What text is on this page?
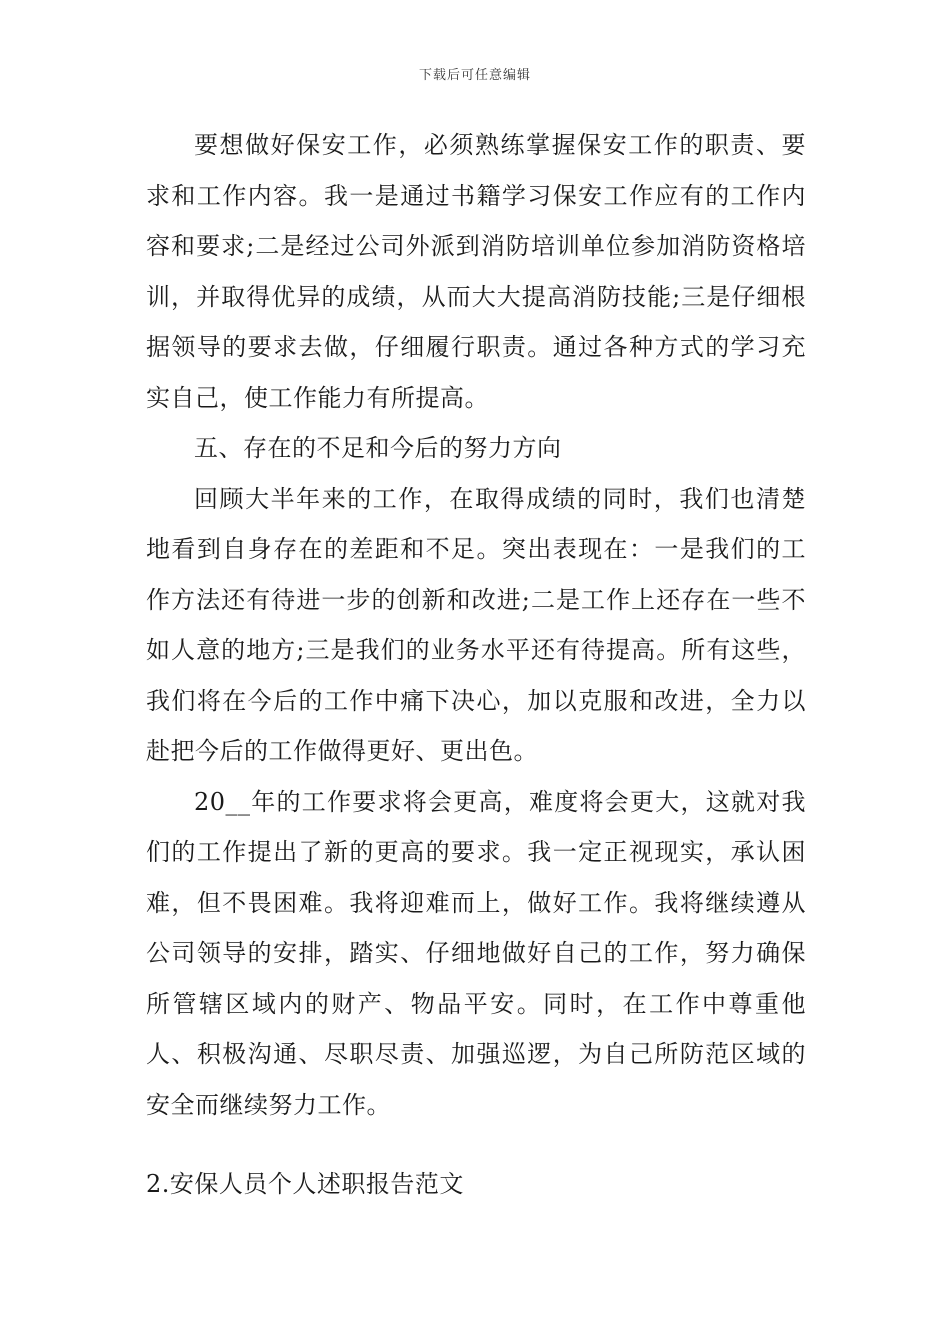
下载后可任意编辑

要想做好保安工作，必须熟练掌握保安工作的职责、要求和工作内容。我一是通过书籍学习保安工作应有的工作内容和要求;二是经过公司外派到消防培训单位参加消防资格培训，并取得优异的成绩，从而大大提高消防技能;三是仔细根据领导的要求去做，仔细履行职责。通过各种方式的学习充实自己，使工作能力有所提高。

五、存在的不足和今后的努力方向

回顾大半年来的工作，在取得成绩的同时，我们也清楚地看到自身存在的差距和不足。突出表现在：一是我们的工作方法还有待进一步的创新和改进;二是工作上还存在一些不如人意的地方;三是我们的业务水平还有待提高。所有这些，我们将在今后的工作中痛下决心，加以克服和改进，全力以赴把今后的工作做得更好、更出色。

20__年的工作要求将会更高，难度将会更大，这就对我们的工作提出了新的更高的要求。我一定正视现实，承认困难，但不畏困难。我将迎难而上，做好工作。我将继续遵从公司领导的安排，踏实、仔细地做好自己的工作，努力确保所管辖区域内的财产、物品平安。同时，在工作中尊重他人、积极沟通、尽职尽责、加强巡逻，为自己所防范区域的安全而继续努力工作。

2.安保人员个人述职报告范文
